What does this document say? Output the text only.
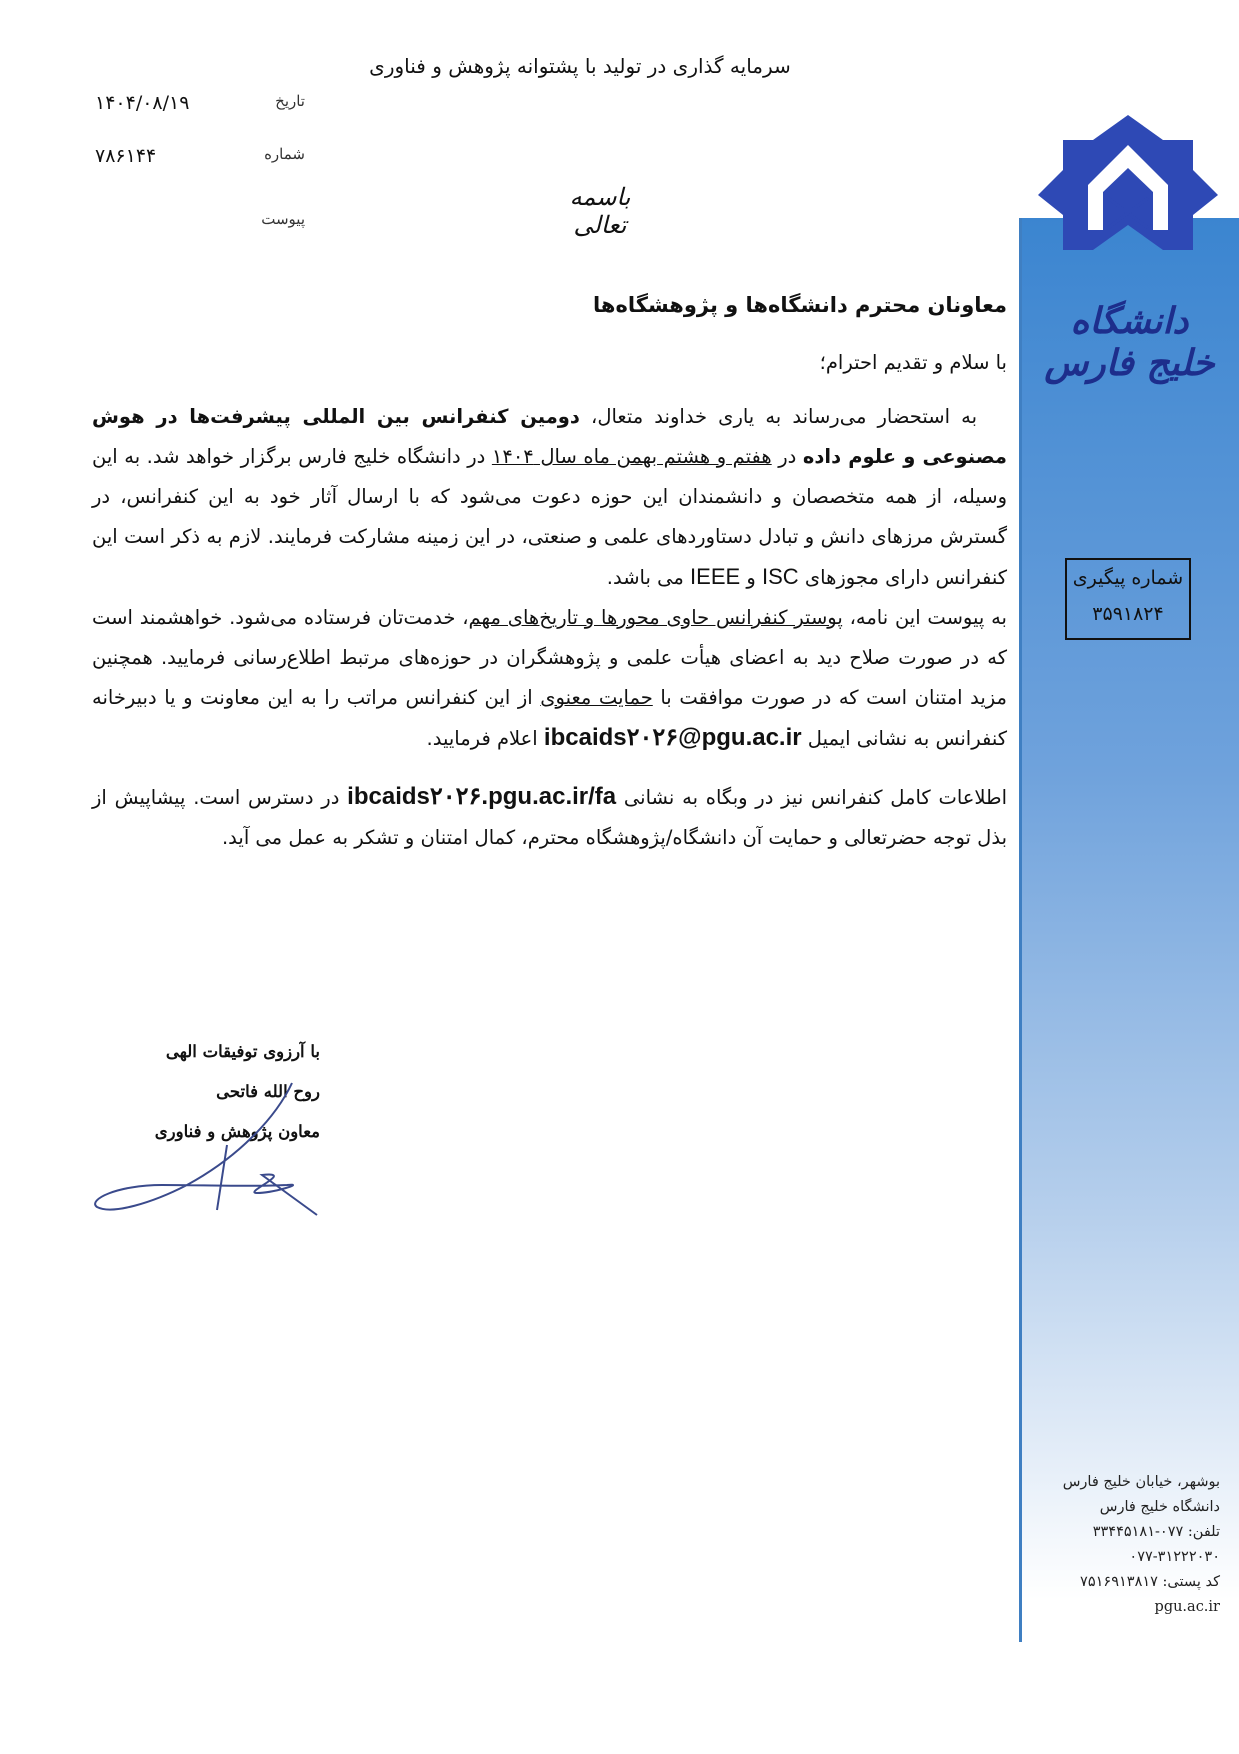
سرمایه گذاری در تولید با پشتوانه پژوهش و فناوری
تاریخ
۱۴۰۴/۰۸/۱۹
شماره
۷۸۶۱۴۴
پیوست
باسمه تعالی
دانشگاه خلیج فارس
شماره پیگیری
۳۵۹۱۸۲۴
بوشهر، خیابان خلیج فارس
دانشگاه خلیج فارس
تلفن: ۰۷۷-۳۳۴۴۵۱۸۱
۰۷۷-۳۱۲۲۲۰۳۰
کد پستی: ۷۵۱۶۹۱۳۸۱۷
pgu.ac.ir
معاونان محترم دانشگاه‌ها و پژوهشگاه‌ها
با سلام و تقدیم احترام؛

به استحضار می‌رساند به یاری خداوند متعال، دومین کنفرانس بین المللی پیشرفت‌ها در هوش مصنوعی و علوم داده در هفتم و هشتم بهمن ماه سال ۱۴۰۴ در دانشگاه خلیج فارس برگزار خواهد شد. به این وسیله، از همه متخصصان و دانشمندان این حوزه دعوت می‌شود که با ارسال آثار خود به این کنفرانس، در گسترش مرزهای دانش و تبادل دستاوردهای علمی و صنعتی، در این زمینه مشارکت فرمایند. لازم به ذکر است این کنفرانس دارای مجوزهای ISC و IEEE می باشد.

به پیوست این نامه، پوستر کنفرانس حاوی محورها و تاریخ‌های مهم، خدمت‌تان فرستاده می‌شود. خواهشمند است که در صورت صلاح دید به اعضای هیأت علمی و پژوهشگران در حوزه‌های مرتبط اطلاع‌رسانی فرمایید. همچنین مزید امتنان است که در صورت موافقت با حمایت معنوی از این کنفرانس مراتب را به این معاونت و یا دبیرخانه کنفرانس به نشانی ایمیل ibcaids۲۰۲۶@pgu.ac.ir اعلام فرمایید.

اطلاعات کامل کنفرانس نیز در وبگاه به نشانی ibcaids۲۰۲۶.pgu.ac.ir/fa در دسترس است. پیشاپیش از بذل توجه حضرتعالی و حمایت آن دانشگاه/پژوهشگاه محترم، کمال امتنان و تشکر به عمل می آید.

با آرزوی توفیقات الهی
روح الله فاتحی
معاون پژوهش و فناوری
